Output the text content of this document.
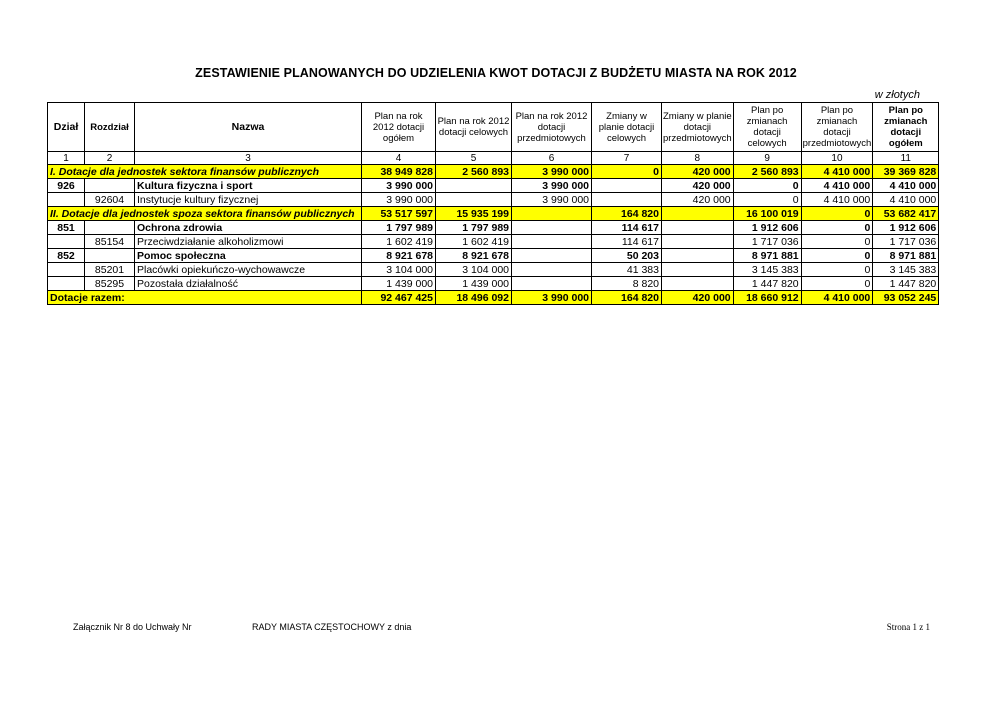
ZESTAWIENIE PLANOWANYCH DO UDZIELENIA KWOT DOTACJI Z BUDŻETU MIASTA NA ROK 2012
w złotych
Dział	Rozdział	Nazwa	Plan na rok 2012 dotacji ogółem	Plan na rok 2012 dotacji celowych	Plan na rok 2012 dotacji przedmiotowych	Zmiany w planie dotacji celowych	Zmiany w planie dotacji przedmiotowych	Plan po zmianach dotacji celowych	Plan po zmianach dotacji przedmiotowych	Plan po zmianach dotacji ogółem
1	2	3	4	5	6	7	8	9	10	11
I. Dotacje dla jednostek sektora finansów publicznych			38 949 828	2 560 893	3 990 000	0	420 000	2 560 893	4 410 000	39 369 828
926		Kultura fizyczna i sport	3 990 000		3 990 000		420 000	0	4 410 000	4 410 000
	92604	Instytucje kultury fizycznej	3 990 000		3 990 000		420 000	0	4 410 000	4 410 000
II. Dotacje dla jednostek spoza sektora finansów publicznych			53 517 597	15 935 199		164 820		16 100 019	0	53 682 417
851		Ochrona zdrowia	1 797 989	1 797 989		114 617		1 912 606	0	1 912 606
	85154	Przeciwdziałanie alkoholizmowi	1 602 419	1 602 419		114 617		1 717 036	0	1 717 036
852		Pomoc społeczna	8 921 678	8 921 678		50 203		8 971 881	0	8 971 881
	85201	Placówki opiekuńczo-wychowawcze	3 104 000	3 104 000		41 383		3 145 383	0	3 145 383
	85295	Pozostała działalność	1 439 000	1 439 000		8 820		1 447 820	0	1 447 820
Dotacje razem:			92 467 425	18 496 092	3 990 000	164 820	420 000	18 660 912	4 410 000	93 052 245
Załącznik Nr 8 do Uchwały Nr	RADY MIASTA CZĘSTOCHOWY z dnia	Strona 1 z 1
